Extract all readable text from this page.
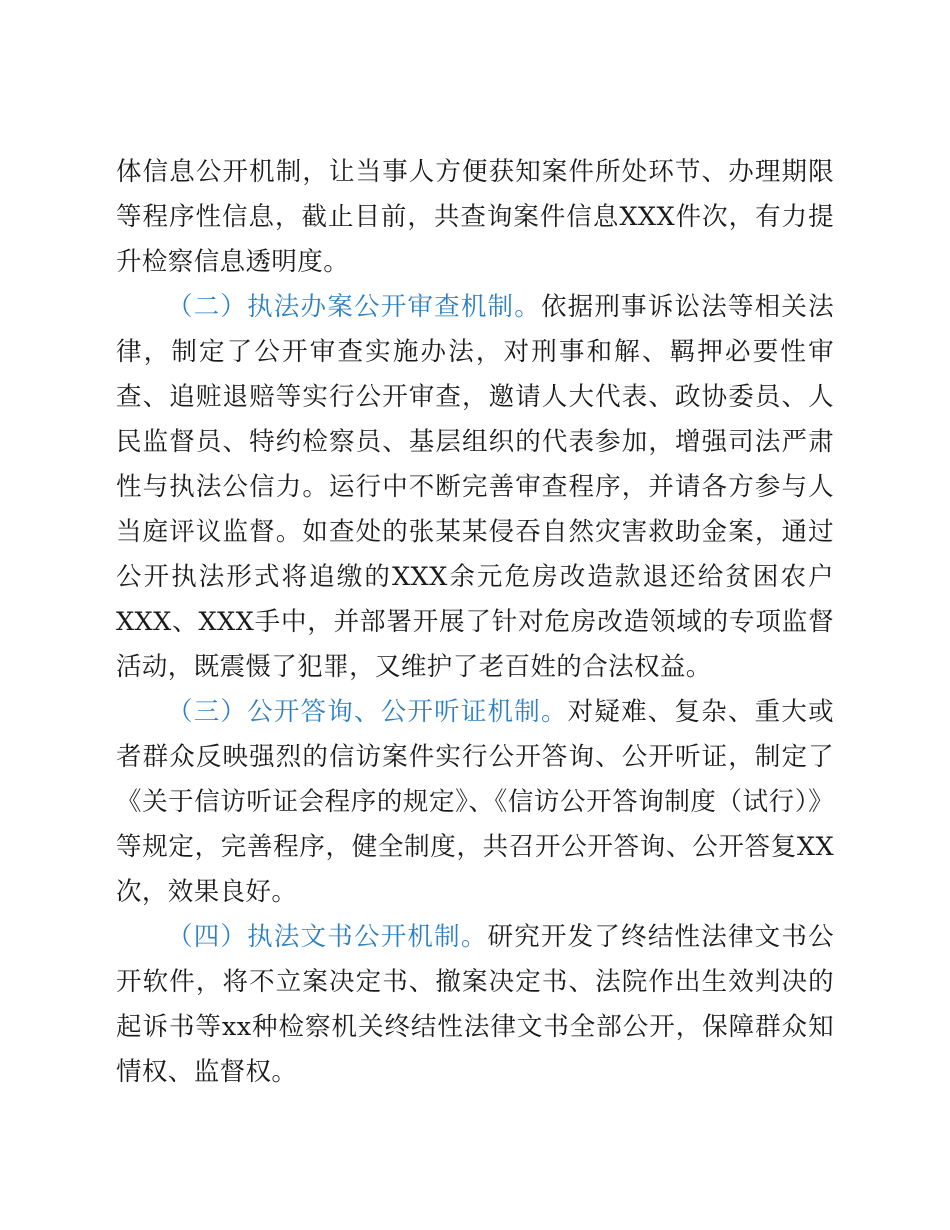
体信息公开机制，让当事人方便获知案件所处环节、办理期限等程序性信息，截止目前，共查询案件信息XXX件次，有力提升检察信息透明度。

（二）执法办案公开审查机制。依据刑事诉讼法等相关法律，制定了公开审查实施办法，对刑事和解、羁押必要性审查、追赃退赔等实行公开审查，邀请人大代表、政协委员、人民监督员、特约检察员、基层组织的代表参加，增强司法严肃性与执法公信力。运行中不断完善审查程序，并请各方参与人当庭评议监督。如查处的张某某侵吞自然灾害救助金案，通过公开执法形式将追缴的XXX余元危房改造款退还给贫困农户XXX、XXX手中，并部署开展了针对危房改造领域的专项监督活动，既震慑了犯罪，又维护了老百姓的合法权益。

（三）公开答询、公开听证机制。对疑难、复杂、重大或者群众反映强烈的信访案件实行公开答询、公开听证，制定了《关于信访听证会程序的规定》、《信访公开答询制度（试行）》等规定，完善程序，健全制度，共召开公开答询、公开答复XX次，效果良好。

（四）执法文书公开机制。研究开发了终结性法律文书公开软件，将不立案决定书、撤案决定书、法院作出生效判决的起诉书等xx种检察机关终结性法律文书全部公开，保障群众知情权、监督权。
